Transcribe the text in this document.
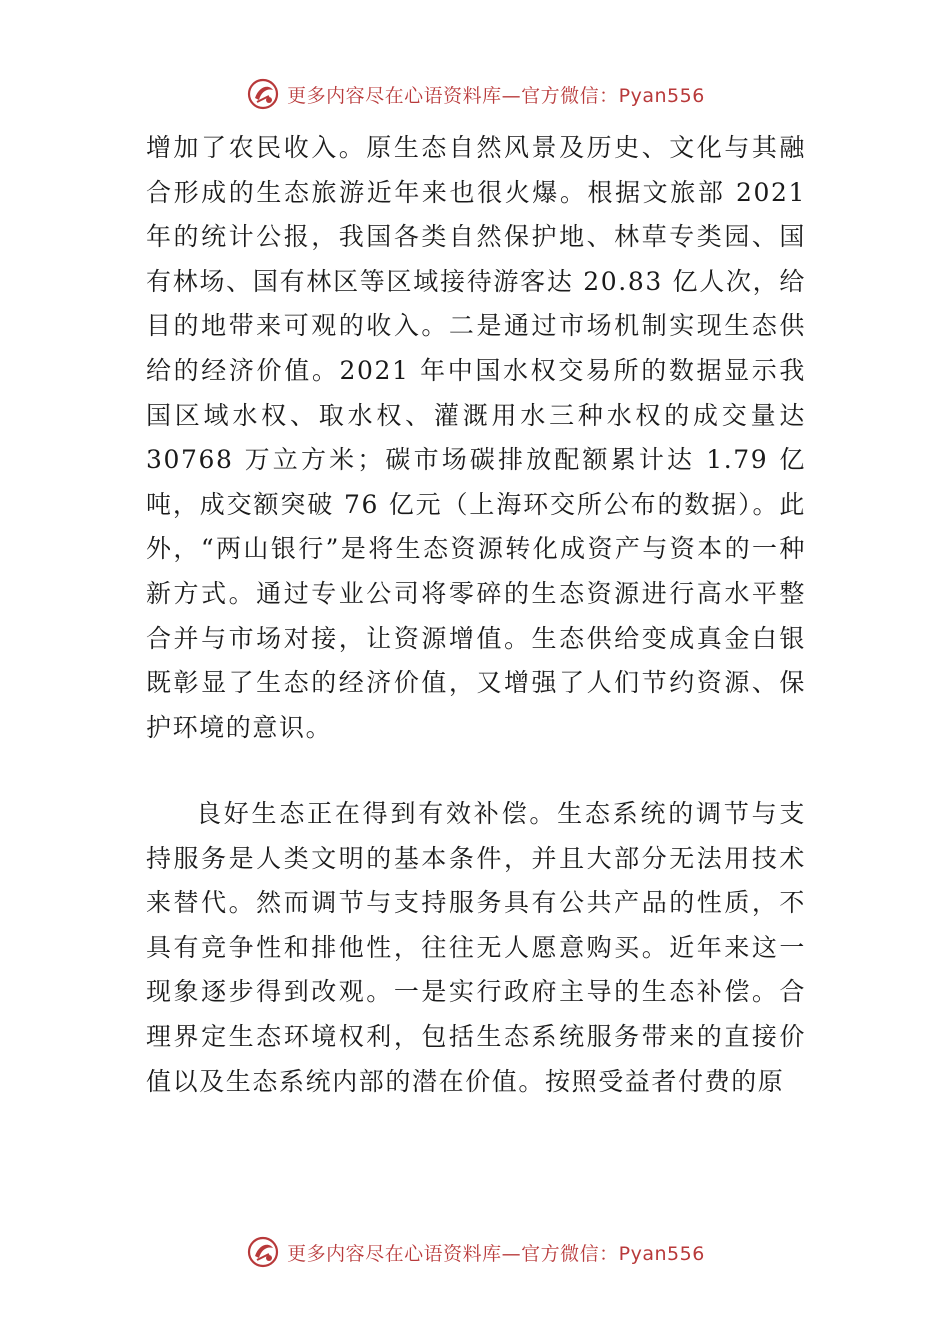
更多内容尽在心语资料库—官方微信：Pyan556

增加了农民收入。原生态自然风景及历史、文化与其融合形成的生态旅游近年来也很火爆。根据文旅部 2021 年的统计公报，我国各类自然保护地、林草专类园、国有林场、国有林区等区域接待游客达 20.83 亿人次，给目的地带来可观的收入。二是通过市场机制实现生态供给的经济价值。2021 年中国水权交易所的数据显示我国区域水权、取水权、灌溉用水三种水权的成交量达 30768 万立方米；碳市场碳排放配额累计达 1.79 亿吨，成交额突破 76 亿元（上海环交所公布的数据）。此外，“两山银行”是将生态资源转化成资产与资本的一种新方式。通过专业公司将零碎的生态资源进行高水平整合并与市场对接，让资源增值。生态供给变成真金白银既彰显了生态的经济价值，又增强了人们节约资源、保护环境的意识。

良好生态正在得到有效补偿。生态系统的调节与支持服务是人类文明的基本条件，并且大部分无法用技术来替代。然而调节与支持服务具有公共产品的性质，不具有竞争性和排他性，往往无人愿意购买。近年来这一现象逐步得到改观。一是实行政府主导的生态补偿。合理界定生态环境权利，包括生态系统服务带来的直接价值以及生态系统内部的潜在价值。按照受益者付费的原

更多内容尽在心语资料库—官方微信：Pyan556
